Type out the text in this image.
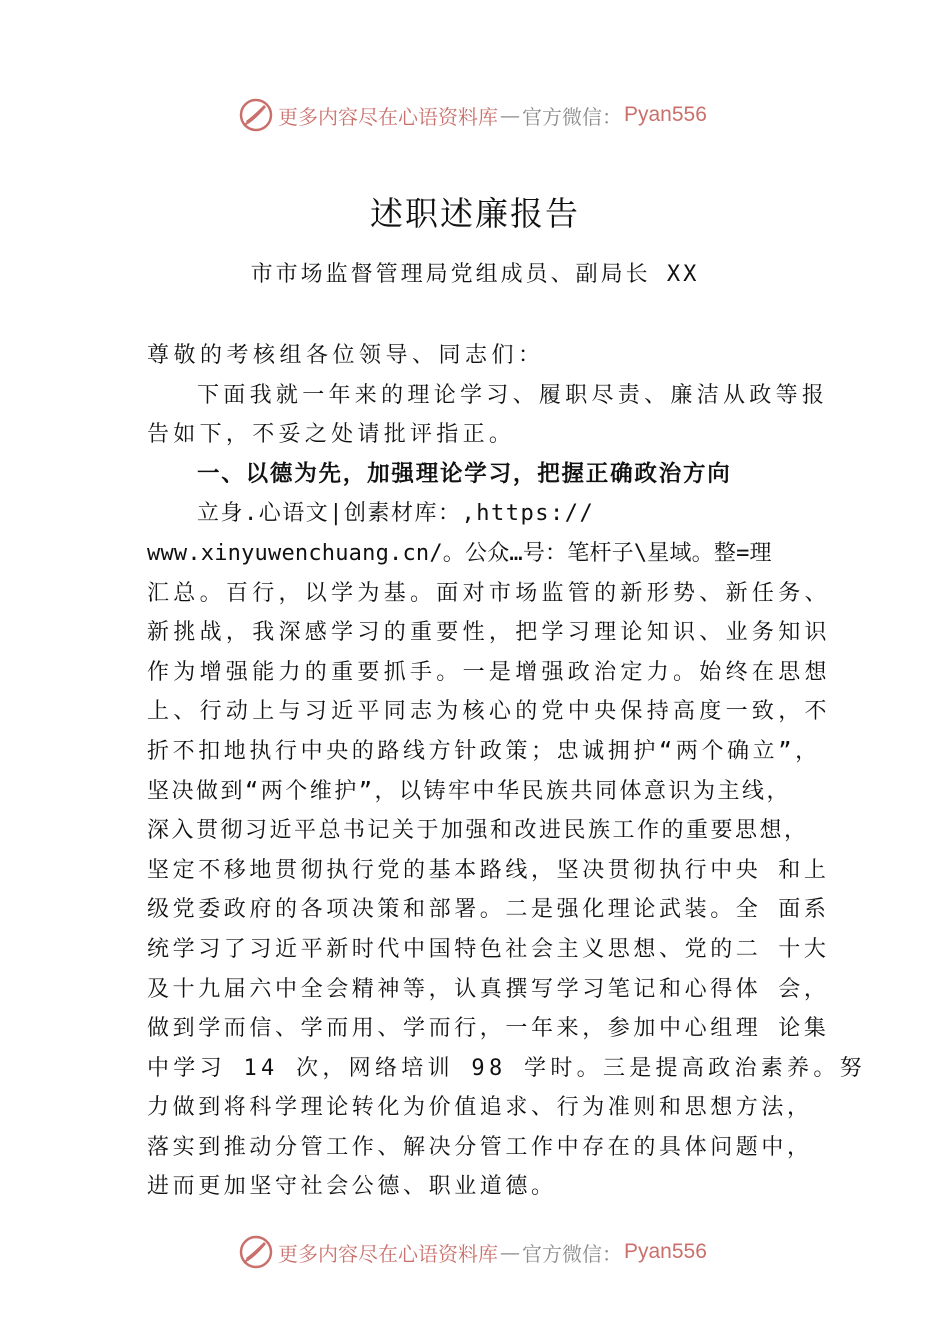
更多内容尽在心语资料库 — 官方微信： Pyan556
述职述廉报告
市市场监督管理局党组成员、副局长 XX
尊敬的考核组各位领导、同志们：
下面我就一年来的理论学习、履职尽责、廉洁从政等报
告如下，不妥之处请批评指正。
一、以德为先，加强理论学习，把握正确政治方向
立身.心语文|创素材库：,https://
www.xinyuwenchuang.cn/。公众…号：笔杆子\星域。整=理
汇总。百行，以学为基。面对市场监管的新形势、新任务、
新挑战，我深感学习的重要性，把学习理论知识、业务知识
作为增强能力的重要抓手。一是增强政治定力。始终在思想
上、行动上与习近平同志为核心的党中央保持高度一致，不
折不扣地执行中央的路线方针政策；忠诚拥护“两个确立”，
坚决做到“两个维护”，以铸牢中华民族共同体意识为主线，
深入贯彻习近平总书记关于加强和改进民族工作的重要思想，
坚定不移地贯彻执行党的基本路线，坚决贯彻执行中央 和上
级党委政府的各项决策和部署。二是强化理论武装。全 面系
统学习了习近平新时代中国特色社会主义思想、党的二 十大
及十九届六中全会精神等，认真撰写学习笔记和心得体 会，
做到学而信、学而用、学而行，一年来，参加中心组理 论集
中学习 14 次，网络培训 98 学时。三是提高政治素养。努
力做到将科学理论转化为价值追求、行为准则和思想方法，
落实到推动分管工作、解决分管工作中存在的具体问题中，
进而更加坚守社会公德、职业道德。
更多内容尽在心语资料库 — 官方微信： Pyan556
